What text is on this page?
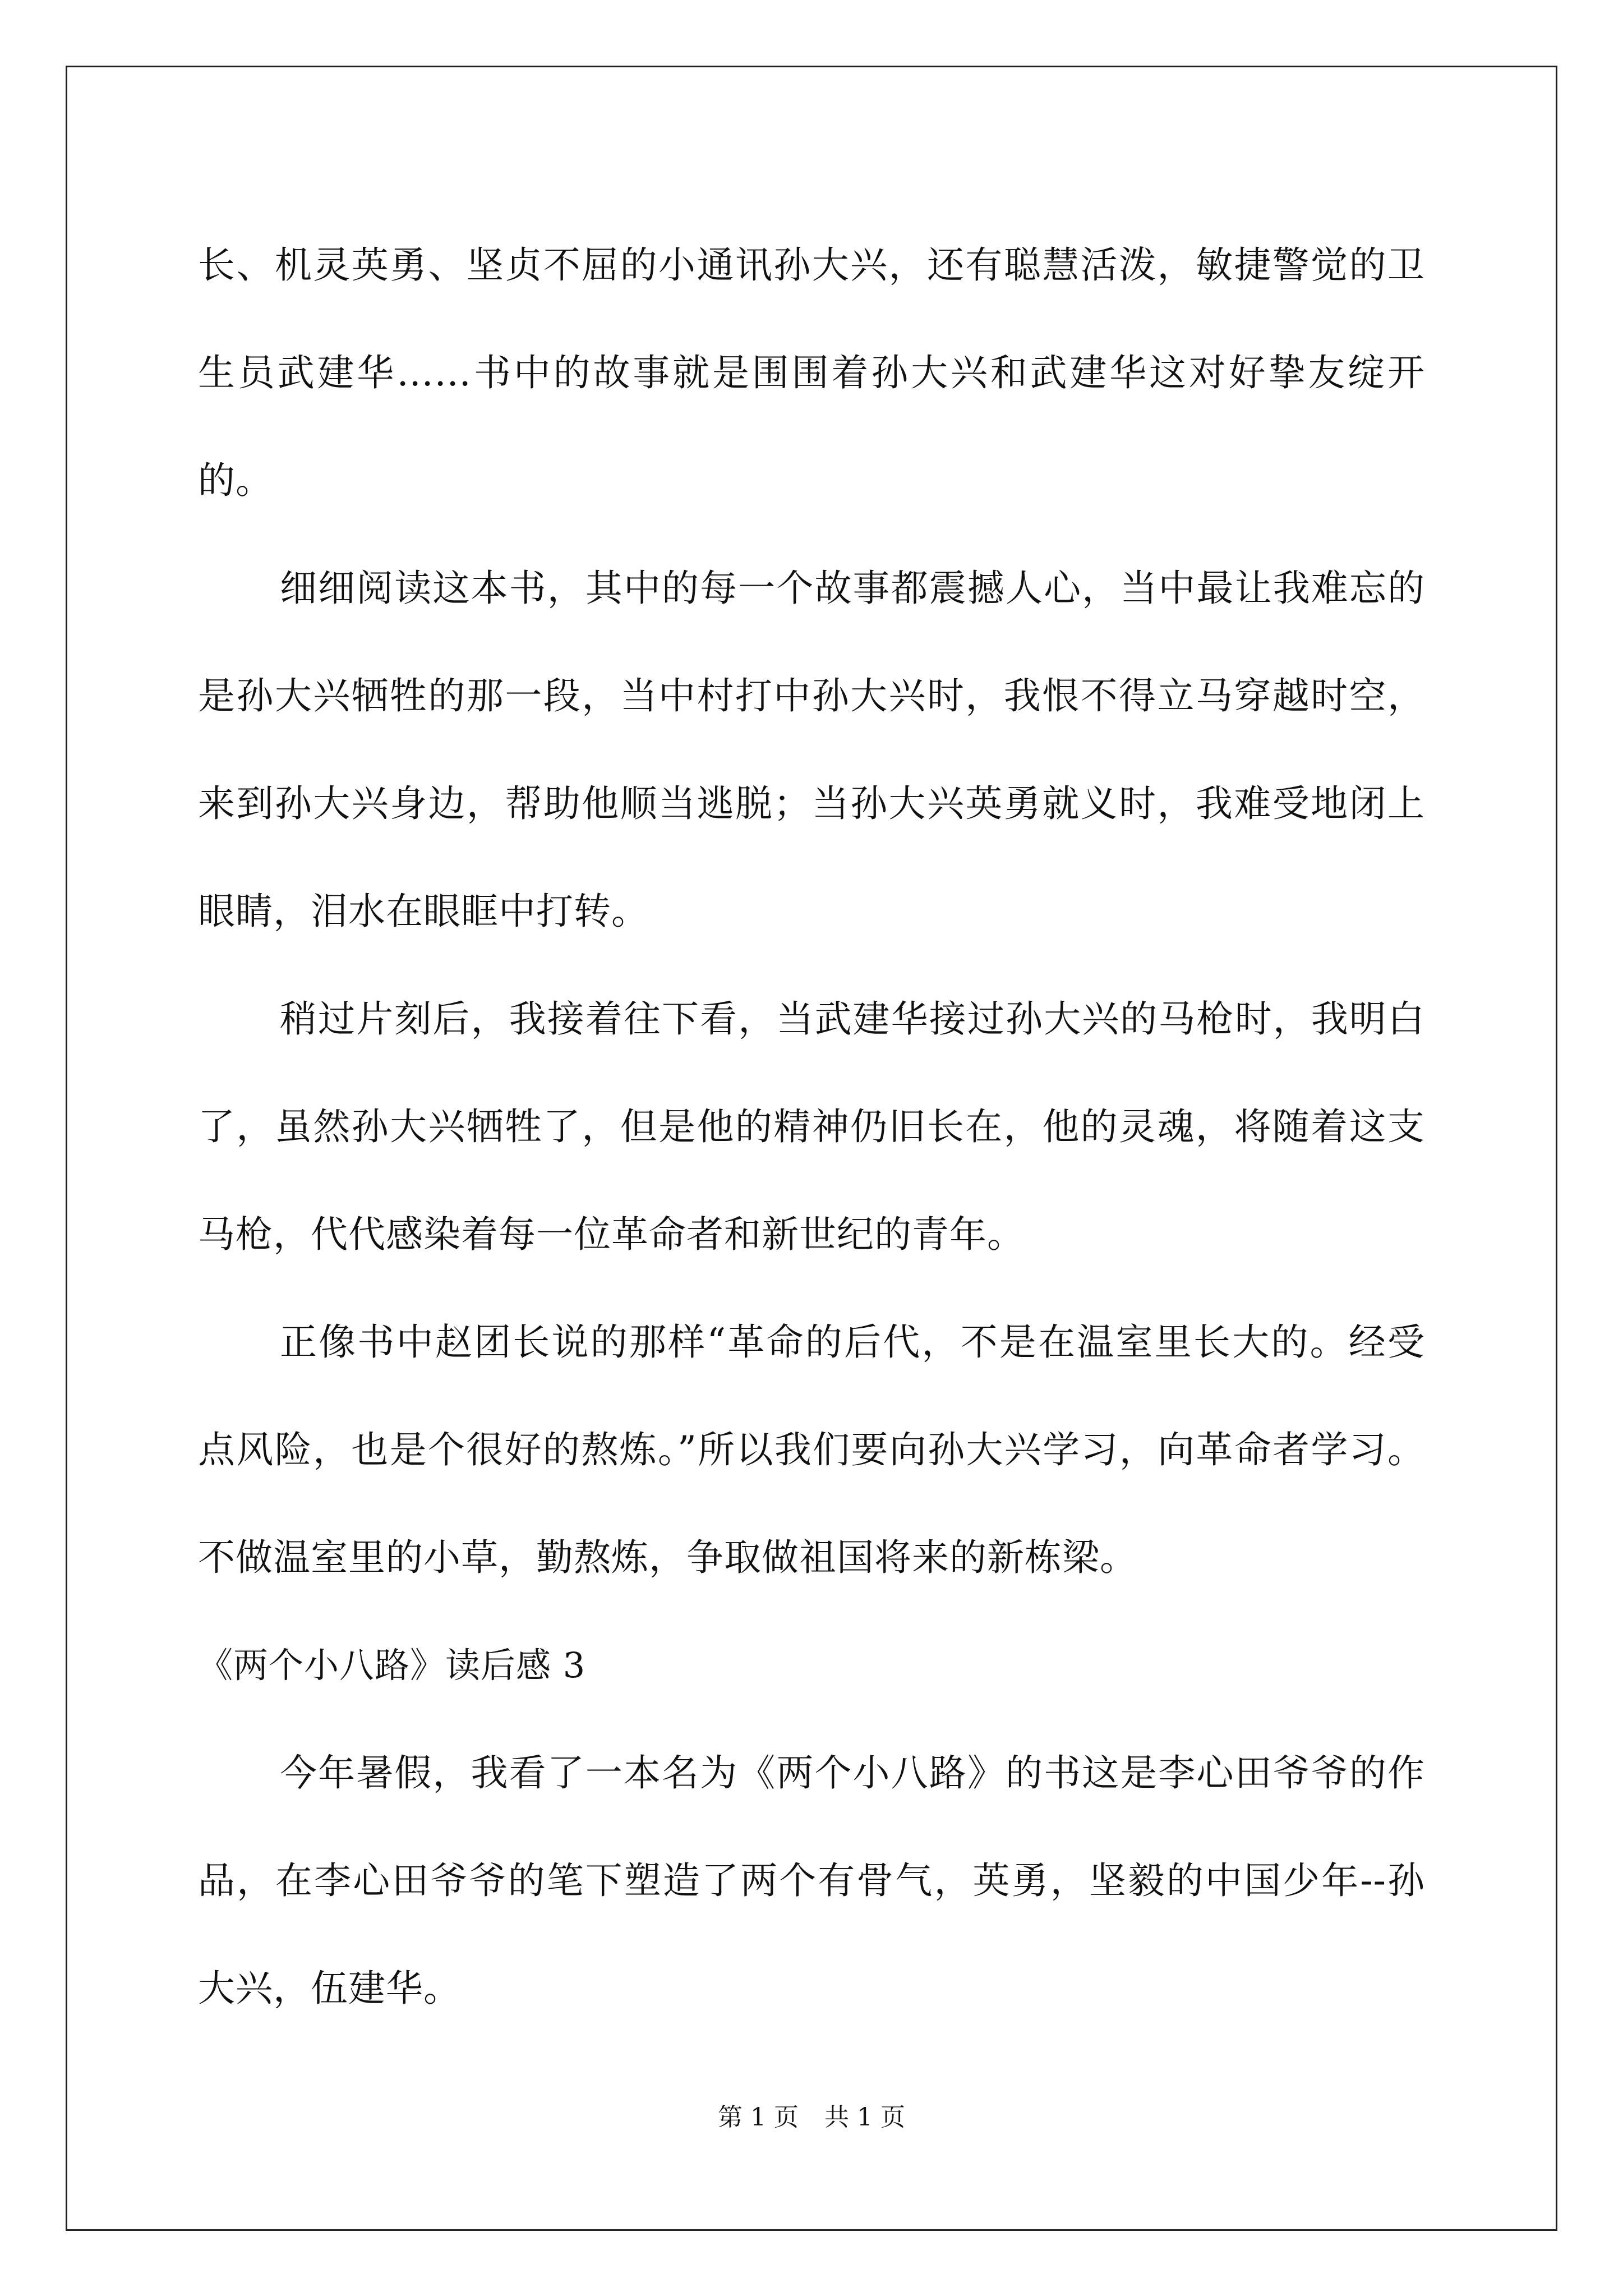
长、机灵英勇、坚贞不屈的小通讯孙大兴，还有聪慧活泼，敏捷警觉的卫生员武建华……书中的故事就是围围着孙大兴和武建华这对好挚友绽开的。

细细阅读这本书，其中的每一个故事都震撼人心，当中最让我难忘的是孙大兴牺牲的那一段，当中村打中孙大兴时，我恨不得立马穿越时空，来到孙大兴身边，帮助他顺当逃脱；当孙大兴英勇就义时，我难受地闭上眼睛，泪水在眼眶中打转。

稍过片刻后，我接着往下看，当武建华接过孙大兴的马枪时，我明白了，虽然孙大兴牺牲了，但是他的精神仍旧长在，他的灵魂，将随着这支马枪，代代感染着每一位革命者和新世纪的青年。

正像书中赵团长说的那样“革命的后代，不是在温室里长大的。经受点风险，也是个很好的熬炼。”所以我们要向孙大兴学习，向革命者学习。不做温室里的小草，勤熬炼，争取做祖国将来的新栋梁。

《两个小八路》读后感 3

今年暑假，我看了一本名为《两个小八路》的书这是李心田爷爷的作品，在李心田爷爷的笔下塑造了两个有骨气，英勇，坚毅的中国少年--孙大兴，伍建华。

第 1 页 共 1 页
